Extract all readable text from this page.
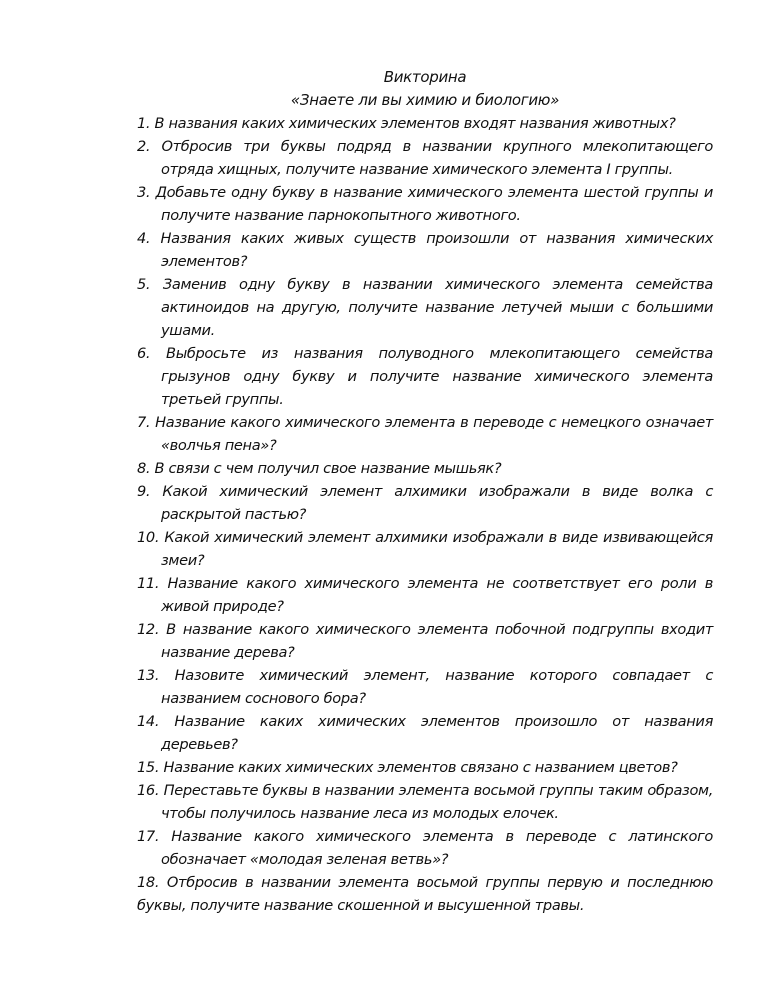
Викторина
«Знаете ли вы химию и биологию»
1. В названия каких химических элементов входят названия животных?
2. Отбросив три буквы подряд в названии крупного млекопитающего отряда хищных, получите название химического элемента I группы.
3. Добавьте одну букву в название химического элемента шестой группы и получите название парнокопытного животного.
4. Названия каких живых существ произошли от названия химических элементов?
5. Заменив одну букву в названии химического элемента семейства актиноидов на другую, получите название летучей мыши с большими ушами.
6. Выбросьте из названия полуводного млекопитающего семейства грызунов одну букву и получите название химического элемента третьей группы.
7. Название какого химического элемента в переводе с немецкого означает «волчья пена»?
8. В связи с чем получил свое название мышьяк?
9. Какой химический элемент алхимики изображали в виде волка с раскрытой пастью?
10. Какой химический элемент алхимики изображали в виде извивающейся змеи?
11. Название какого химического элемента не соответствует его роли в живой природе?
12. В название какого химического элемента побочной подгруппы входит название дерева?
13. Назовите химический элемент, название которого совпадает с названием соснового бора?
14. Название каких химических элементов произошло от названия деревьев?
15. Название каких химических элементов связано с названием цветов?
16. Переставьте буквы в названии элемента восьмой группы таким образом, чтобы получилось название леса из молодых елочек.
17. Название какого химического элемента в переводе с латинского обозначает «молодая зеленая ветвь»?
18. Отбросив в названии элемента восьмой группы первую и последнюю буквы, получите название скошенной и высушенной травы.
